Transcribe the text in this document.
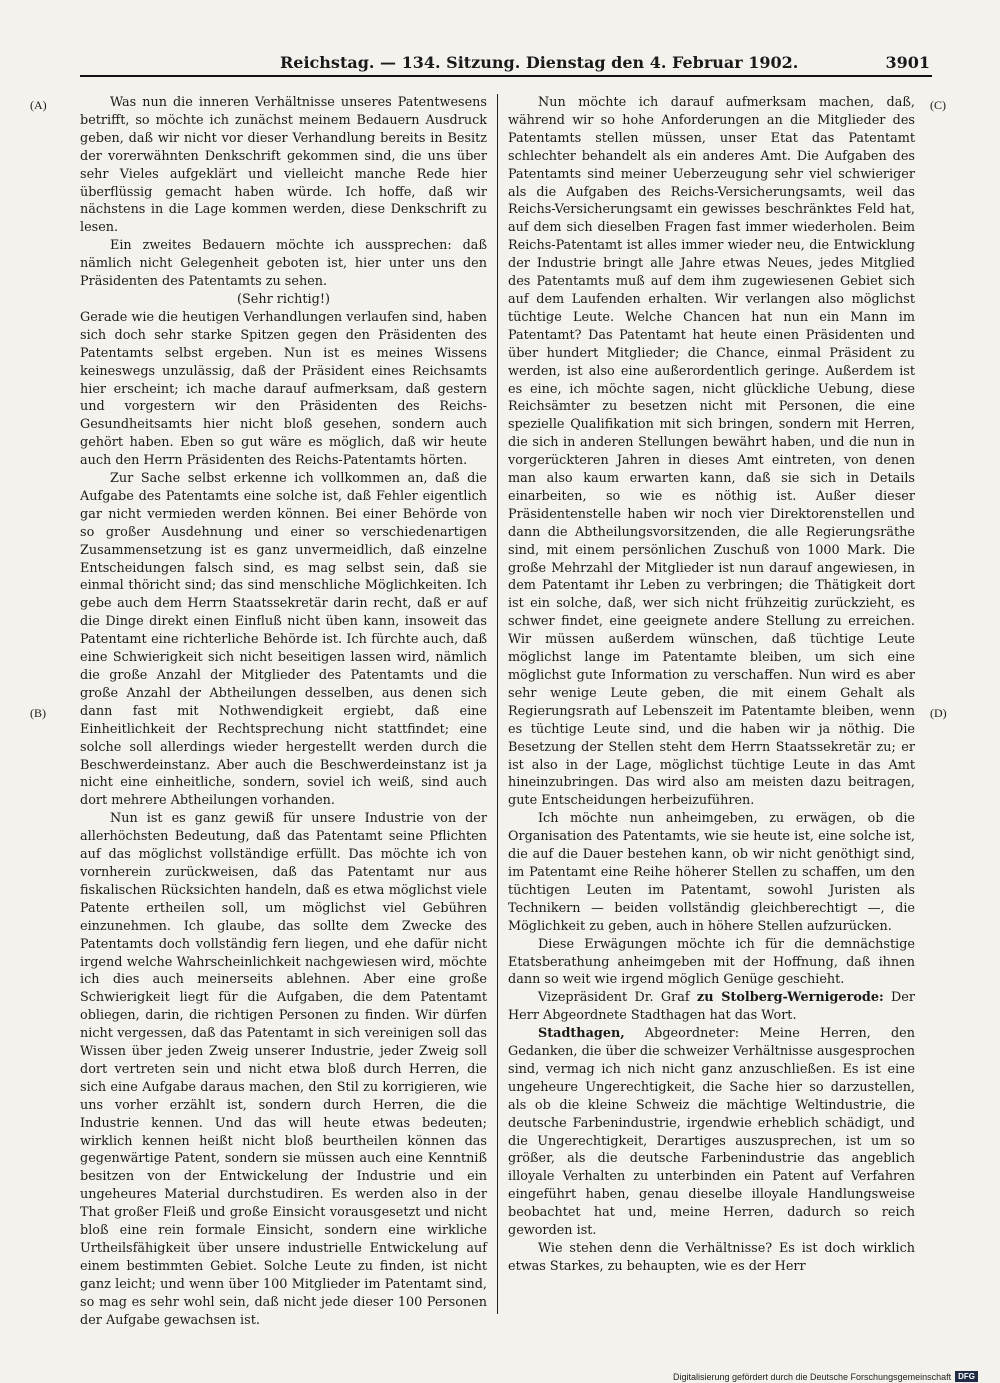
Reichstag. — 134. Sitzung. Dienstag den 4. Februar 1902.	3901
(A)
(B)
(C)
(D)

Was nun die inneren Verhältnisse unseres Patentwesens betrifft, so möchte ich zunächst meinem Bedauern Ausdruck geben, daß wir nicht vor dieser Verhandlung bereits in Besitz der vorerwähnten Denkschrift gekommen sind, die uns über sehr Vieles aufgeklärt und vielleicht manche Rede hier überflüssig gemacht haben würde. Ich hoffe, daß wir nächstens in die Lage kommen werden, diese Denkschrift zu lesen.

Ein zweites Bedauern möchte ich aussprechen: daß nämlich nicht Gelegenheit geboten ist, hier unter uns den Präsidenten des Patentamts zu sehen.

(Sehr richtig!)

Gerade wie die heutigen Verhandlungen verlaufen sind, haben sich doch sehr starke Spitzen gegen den Präsidenten des Patentamts selbst ergeben. Nun ist es meines Wissens keineswegs unzulässig, daß der Präsident eines Reichsamts hier erscheint; ich mache darauf aufmerksam, daß gestern und vorgestern wir den Präsidenten des Reichs-Gesundheitsamts hier nicht bloß gesehen, sondern auch gehört haben. Eben so gut wäre es möglich, daß wir heute auch den Herrn Präsidenten des Reichs-Patentamts hörten.

Zur Sache selbst erkenne ich vollkommen an, daß die Aufgabe des Patentamts eine solche ist, daß Fehler eigentlich gar nicht vermieden werden können. Bei einer Behörde von so großer Ausdehnung und einer so verschiedenartigen Zusammensetzung ist es ganz unvermeidlich, daß einzelne Entscheidungen falsch sind, es mag selbst sein, daß sie einmal thöricht sind; das sind menschliche Möglichkeiten. Ich gebe auch dem Herrn Staatssekretär darin recht, daß er auf die Dinge direkt einen Einfluß nicht üben kann, insoweit das Patentamt eine richterliche Behörde ist. Ich fürchte auch, daß eine Schwierigkeit sich nicht beseitigen lassen wird, nämlich die große Anzahl der Mitglieder des Patentamts und die große Anzahl der Abtheilungen desselben, aus denen sich dann fast mit Nothwendigkeit ergiebt, daß eine Einheitlichkeit der Rechtsprechung nicht stattfindet; eine solche soll allerdings wieder hergestellt werden durch die Beschwerdeinstanz. Aber auch die Beschwerdeinstanz ist ja nicht eine einheitliche, sondern, soviel ich weiß, sind auch dort mehrere Abtheilungen vorhanden.

Nun ist es ganz gewiß für unsere Industrie von der allerhöchsten Bedeutung, daß das Patentamt seine Pflichten auf das möglichst vollständige erfüllt. Das möchte ich von vornherein zurückweisen, daß das Patentamt nur aus fiskalischen Rücksichten handeln, daß es etwa möglichst viele Patente ertheilen soll, um möglichst viel Gebühren einzunehmen. Ich glaube, das sollte dem Zwecke des Patentamts doch vollständig fern liegen, und ehe dafür nicht irgend welche Wahrscheinlichkeit nachgewiesen wird, möchte ich dies auch meinerseits ablehnen. Aber eine große Schwierigkeit liegt für die Aufgaben, die dem Patentamt obliegen, darin, die richtigen Personen zu finden. Wir dürfen nicht vergessen, daß das Patentamt in sich vereinigen soll das Wissen über jeden Zweig unserer Industrie, jeder Zweig soll dort vertreten sein und nicht etwa bloß durch Herren, die sich eine Aufgabe daraus machen, den Stil zu korrigieren, wie uns vorher erzählt ist, sondern durch Herren, die die Industrie kennen. Und das will heute etwas bedeuten; wirklich kennen heißt nicht bloß beurtheilen können das gegenwärtige Patent, sondern sie müssen auch eine Kenntniß besitzen von der Entwickelung der Industrie und ein ungeheures Material durchstudiren. Es werden also in der That großer Fleiß und große Einsicht vorausgesetzt und nicht bloß eine rein formale Einsicht, sondern eine wirkliche Urtheilsfähigkeit über unsere industrielle Entwickelung auf einem bestimmten Gebiet. Solche Leute zu finden, ist nicht ganz leicht; und wenn über 100 Mitglieder im Patentamt sind, so mag es sehr wohl sein, daß nicht jede dieser 100 Personen der Aufgabe gewachsen ist.

Nun möchte ich darauf aufmerksam machen, daß, während wir so hohe Anforderungen an die Mitglieder des Patentamts stellen müssen, unser Etat das Patentamt schlechter behandelt als ein anderes Amt. Die Aufgaben des Patentamts sind meiner Ueberzeugung sehr viel schwieriger als die Aufgaben des Reichs-Versicherungsamts, weil das Reichs-Versicherungsamt ein gewisses beschränktes Feld hat, auf dem sich dieselben Fragen fast immer wiederholen. Beim Reichs-Patentamt ist alles immer wieder neu, die Entwicklung der Industrie bringt alle Jahre etwas Neues, jedes Mitglied des Patentamts muß auf dem ihm zugewiesenen Gebiet sich auf dem Laufenden erhalten. Wir verlangen also möglichst tüchtige Leute. Welche Chancen hat nun ein Mann im Patentamt? Das Patentamt hat heute einen Präsidenten und über hundert Mitglieder; die Chance, einmal Präsident zu werden, ist also eine außerordentlich geringe. Außerdem ist es eine, ich möchte sagen, nicht glückliche Uebung, diese Reichsämter zu besetzen nicht mit Personen, die eine spezielle Qualifikation mit sich bringen, sondern mit Herren, die sich in anderen Stellungen bewährt haben, und die nun in vorgerückteren Jahren in dieses Amt eintreten, von denen man also kaum erwarten kann, daß sie sich in Details einarbeiten, so wie es nöthig ist. Außer dieser Präsidentenstelle haben wir noch vier Direktorenstellen und dann die Abtheilungsvorsitzenden, die alle Regierungsräthe sind, mit einem persönlichen Zuschuß von 1000 Mark. Die große Mehrzahl der Mitglieder ist nun darauf angewiesen, in dem Patentamt ihr Leben zu verbringen; die Thätigkeit dort ist ein solche, daß, wer sich nicht frühzeitig zurückzieht, es schwer findet, eine geeignete andere Stellung zu erreichen. Wir müssen außerdem wünschen, daß tüchtige Leute möglichst lange im Patentamte bleiben, um sich eine möglichst gute Information zu verschaffen. Nun wird es aber sehr wenige Leute geben, die mit einem Gehalt als Regierungsrath auf Lebenszeit im Patentamte bleiben, wenn es tüchtige Leute sind, und die haben wir ja nöthig. Die Besetzung der Stellen steht dem Herrn Staatssekretär zu; er ist also in der Lage, möglichst tüchtige Leute in das Amt hineinzubringen. Das wird also am meisten dazu beitragen, gute Entscheidungen herbeizuführen.

Ich möchte nun anheimgeben, zu erwägen, ob die Organisation des Patentamts, wie sie heute ist, eine solche ist, die auf die Dauer bestehen kann, ob wir nicht genöthigt sind, im Patentamt eine Reihe höherer Stellen zu schaffen, um den tüchtigen Leuten im Patentamt, sowohl Juristen als Technikern — beiden vollständig gleichberechtigt —, die Möglichkeit zu geben, auch in höhere Stellen aufzurücken.

Diese Erwägungen möchte ich für die demnächstige Etatsberathung anheimgeben mit der Hoffnung, daß ihnen dann so weit wie irgend möglich Genüge geschieht.

Vizepräsident Dr. Graf zu Stolberg-Wernigerode: Der Herr Abgeordnete Stadthagen hat das Wort.

Stadthagen, Abgeordneter: Meine Herren, den Gedanken, die über die schweizer Verhältnisse ausgesprochen sind, vermag ich nich nicht ganz anzuschließen. Es ist eine ungeheure Ungerechtigkeit, die Sache hier so darzustellen, als ob die kleine Schweiz die mächtige Weltindustrie, die deutsche Farbenindustrie, irgendwie erheblich schädigt, und die Ungerechtigkeit, Derartiges auszusprechen, ist um so größer, als die deutsche Farbenindustrie das angeblich illoyale Verhalten zu unterbinden ein Patent auf Verfahren eingeführt haben, genau dieselbe illoyale Handlungsweise beobachtet hat und, meine Herren, dadurch so reich geworden ist.

Wie stehen denn die Verhältnisse? Es ist doch wirklich etwas Starkes, zu behaupten, wie es der Herr

Digitalisierung gefördert durch die Deutsche Forschungsgemeinschaft DFG
